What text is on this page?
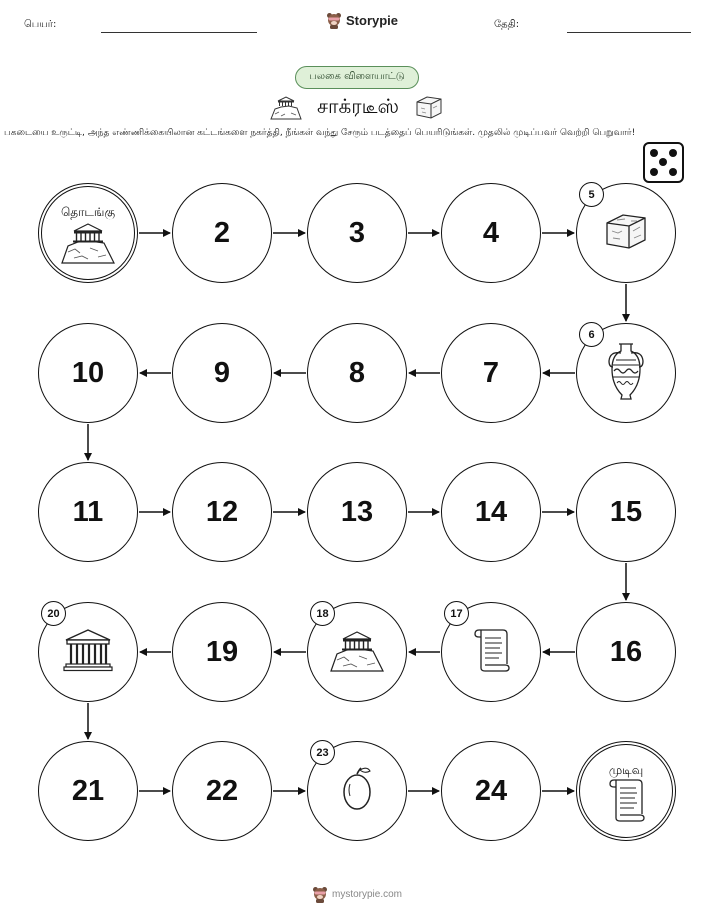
பெயர்:	Storypie	தேதி:
பலகை விளையாட்டு
சாக்ரடீஸ்
பகடையை உருட்டி, அந்த எண்ணிக்கையிலான கட்டங்களை நகர்த்தி, நீங்கள் வந்து சேரும் படத்தைப் பெயரிடுங்கள். முதலில் முடிப்பவர் வெற்றி பெறுவார்!
தொடங்கு
2	3	4
5
6
7
8
9
10
11	12	13	14	15
16
17
18
19
20
21	22
23
24
முடிவு
mystorypie.com
